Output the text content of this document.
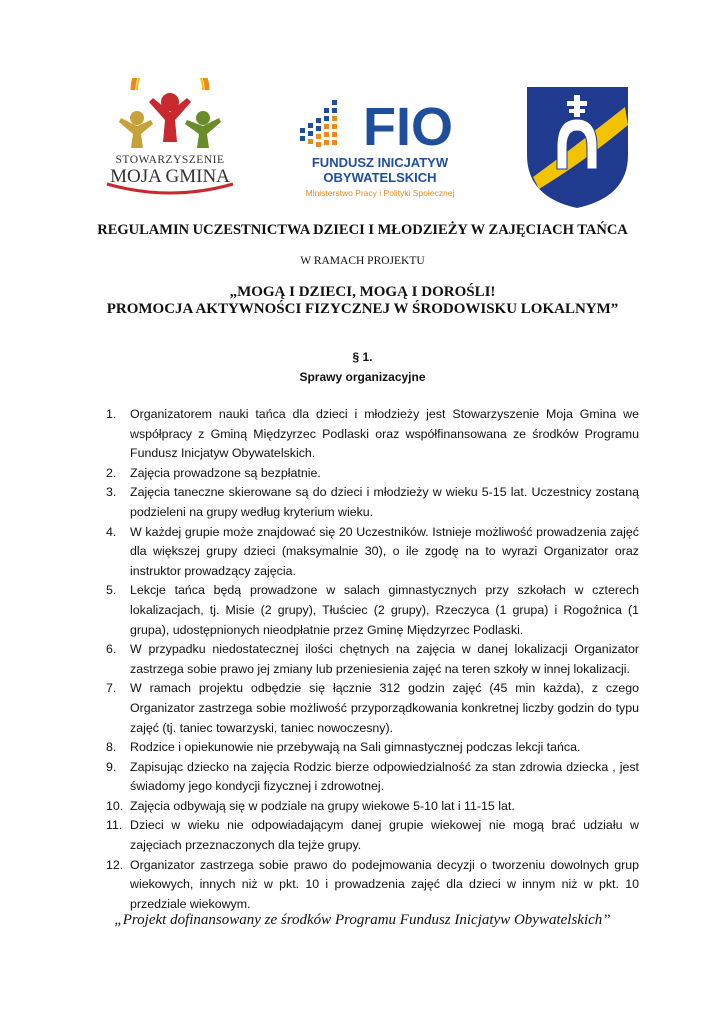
STOWARZYSZENIE
MOJA GMINA
FIO
FUNDUSZ INICJATYW
OBYWATELSKICH
Ministerstwo Pracy i Polityki Społecznej
REGULAMIN UCZESTNICTWA DZIECI I MŁODZIEŻY W ZAJĘCIACH TAŃCA
W RAMACH PROJEKTU
„MOGĄ I DZIECI, MOGĄ I DOROŚLI!
PROMOCJA AKTYWNOŚCI FIZYCZNEJ W ŚRODOWISKU LOKALNYM”
§ 1.
Sprawy organizacyjne
1.	Organizatorem nauki tańca dla dzieci i młodzieży jest Stowarzyszenie Moja Gmina we współpracy z Gminą Międzyrzec Podlaski oraz współfinansowana ze środków Programu Fundusz Inicjatyw Obywatelskich.
2.	Zajęcia prowadzone są bezpłatnie.
3.	Zajęcia taneczne skierowane są do dzieci i młodzieży w wieku 5-15 lat. Uczestnicy zostaną podzieleni na grupy według kryterium wieku.
4.	W każdej grupie może znajdować się 20 Uczestników. Istnieje możliwość prowadzenia zajęć dla większej grupy dzieci (maksymalnie 30), o ile zgodę na to wyrazi Organizator oraz instruktor prowadzący zajęcia.
5.	Lekcje tańca będą prowadzone w salach gimnastycznych przy szkołach w czterech lokalizacjach, tj. Misie (2 grupy), Tłuściec (2 grupy), Rzeczyca (1 grupa) i Rogoźnica (1 grupa), udostępnionych nieodpłatnie przez Gminę Międzyrzec Podlaski.
6.	W przypadku niedostatecznej ilości chętnych na zajęcia w danej lokalizacji Organizator zastrzega sobie prawo jej zmiany lub przeniesienia zajęć na teren szkoły w innej lokalizacji.
7.	W ramach projektu odbędzie się łącznie 312 godzin zajęć (45 min każda), z czego Organizator zastrzega sobie możliwość przyporządkowania konkretnej liczby godzin do typu zajęć (tj. taniec towarzyski, taniec nowoczesny).
8.	Rodzice i opiekunowie nie przebywają na Sali gimnastycznej podczas lekcji tańca.
9.	Zapisując dziecko na zajęcia Rodzic bierze odpowiedzialność za stan zdrowia dziecka , jest świadomy jego kondycji fizycznej i zdrowotnej.
10. Zajęcia odbywają się w podziale na grupy wiekowe 5-10 lat i 11-15 lat.
11. Dzieci w wieku nie odpowiadającym danej grupie wiekowej nie mogą brać udziału w zajęciach przeznaczonych dla tejże grupy.
12. Organizator zastrzega sobie prawo do podejmowania decyzji o tworzeniu dowolnych grup wiekowych, innych niż w pkt. 10 i prowadzenia zajęć dla dzieci w innym niż w pkt. 10 przedziale wiekowym.
„Projekt dofinansowany ze środków Programu Fundusz Inicjatyw Obywatelskich”
